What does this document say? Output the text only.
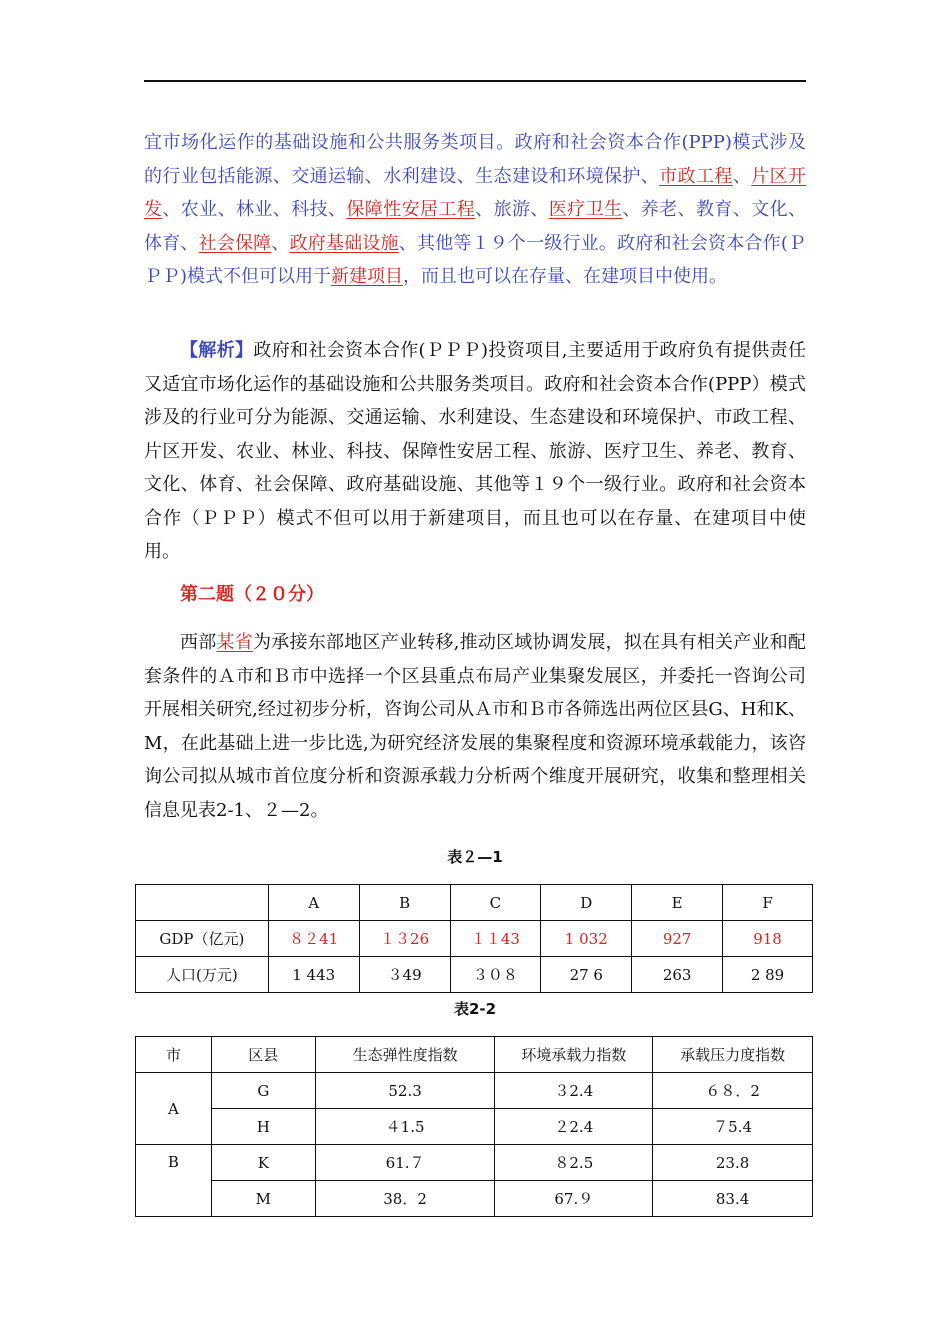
宜市场化运作的基础设施和公共服务类项目。政府和社会资本合作(PPP)模式涉及的行业包括能源、交通运输、水利建设、生态建设和环境保护、市政工程、片区开发、农业、林业、科技、保障性安居工程、旅游、医疗卫生、养老、教育、文化、体育、社会保障、政府基础设施、其他等１９个一级行业。政府和社会资本合作(ＰＰＰ)模式不但可以用于新建项目，而且也可以在存量、在建项目中使用。

【解析】政府和社会资本合作(ＰＰＰ)投资项目,主要适用于政府负有提供责任又适宜市场化运作的基础设施和公共服务类项目。政府和社会资本合作(PPP）模式涉及的行业可分为能源、交通运输、水利建设、生态建设和环境保护、市政工程、片区开发、农业、林业、科技、保障性安居工程、旅游、医疗卫生、养老、教育、文化、体育、社会保障、政府基础设施、其他等１９个一级行业。政府和社会资本合作（ＰＰＰ）模式不但可以用于新建项目，而且也可以在存量、在建项目中使用。

第二题（２０分）

西部某省为承接东部地区产业转移,推动区域协调发展，拟在具有相关产业和配套条件的Ａ市和Ｂ市中选择一个区县重点布局产业集聚发展区，并委托一咨询公司开展相关研究,经过初步分析，咨询公司从Ａ市和Ｂ市各筛选出两位区县G、H和K、M，在此基础上进一步比选,为研究经济发展的集聚程度和资源环境承载能力，该咨询公司拟从城市首位度分析和资源承载力分析两个维度开展研究，收集和整理相关信息见表2-1、２—2。

表２—1
	A	B	C	D	E	F
GDP（亿元)	８２41	１３26	１１43	1 032	927	918
人口(万元)	1 443	３49	３０８	27 6	263	2 89
表2-2
市	区县	生态弹性度指数	环境承载力指数	承载压力度指数
A	G	52.3	３2.4	６８．2
	H	４1.5	２2.4	７5.4
B	K	61.７	８2.5	23.8
	M	38．2	67.９	83.4
